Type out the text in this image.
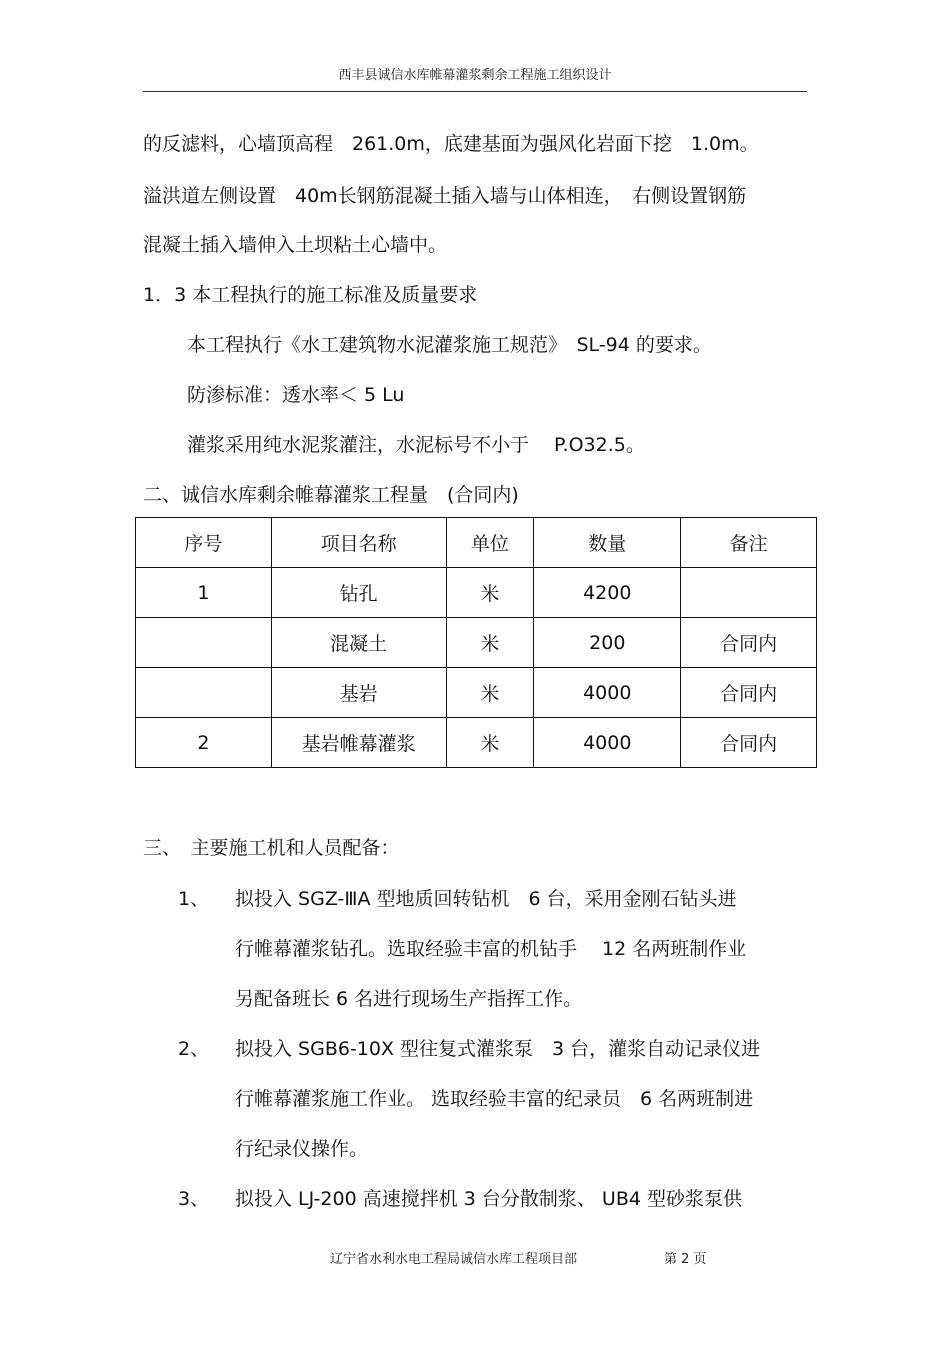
西丰县诚信水库帷幕灌浆剩余工程施工组织设计
的反滤料，心墙顶高程　261.0m，底建基面为强风化岩面下挖　1.0m。
溢洪道左侧设置　40m长钢筋混凝土插入墙与山体相连，　右侧设置钢筋
混凝土插入墙伸入土坝粘土心墙中。
1．3 本工程执行的施工标准及质量要求
本工程执行《水工建筑物水泥灌浆施工规范》　SL-94 的要求。
防渗标准：透水率＜ 5 Lu
灌浆采用纯水泥浆灌注，水泥标号不小于　 P.O32.5。
二、诚信水库剩余帷幕灌浆工程量　(合同内)
序号	项目名称	单位	数量	备注
1	钻孔	米	4200	
	混凝土	米	200	合同内
	基岩	米	4000	合同内
2	基岩帷幕灌浆	米	4000	合同内
三、　主要施工机和人员配备：
1、 拟投入 SGZ-ⅢA 型地质回转钻机　6 台，采用金刚石钻头进
行帷幕灌浆钻孔。选取经验丰富的机钻手　 12 名两班制作业
另配备班长 6 名进行现场生产指挥工作。
2、 拟投入 SGB6-10X 型往复式灌浆泵　3 台，灌浆自动记录仪进
行帷幕灌浆施工作业。 选取经验丰富的纪录员　6 名两班制进
行纪录仪操作。
3、 拟投入 LJ-200 高速搅拌机 3 台分散制浆、 UB4 型砂浆泵供
辽宁省水利水电工程局诚信水库工程项目部	第 2 页
